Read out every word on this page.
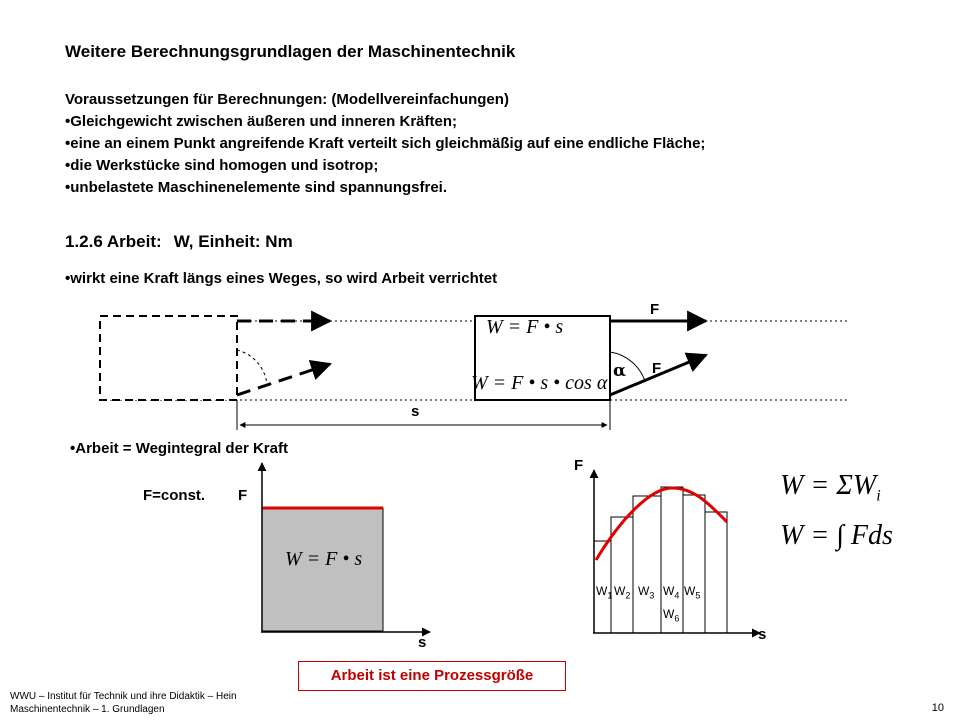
Weitere Berechnungsgrundlagen der Maschinentechnik
Voraussetzungen für Berechnungen: (Modellvereinfachungen)
•Gleichgewicht zwischen äußeren und inneren Kräften;
•eine an einem Punkt angreifende Kraft verteilt sich gleichmäßig auf eine endliche Fläche;
•die Werkstücke sind homogen und isotrop;
•unbelastete Maschinenelemente sind spannungsfrei.
1.2.6 Arbeit: W, Einheit: Nm
•wirkt eine Kraft längs eines Weges, so wird Arbeit verrichtet
W = F • s
W = F • s • cos α
F
F
α
s
•Arbeit = Wegintegral der Kraft
F=const. F
s
W = F • s
F
s
$W_1$ $W_2$ $W_3$ $W_4$ $W_5$
$W_6$
$W = \Sigma W_i$
W = ∫ Fds
Arbeit ist eine Prozessgröße
WWU – Institut für Technik und ihre Didaktik – Hein
Maschinentechnik – 1. Grundlagen	10
